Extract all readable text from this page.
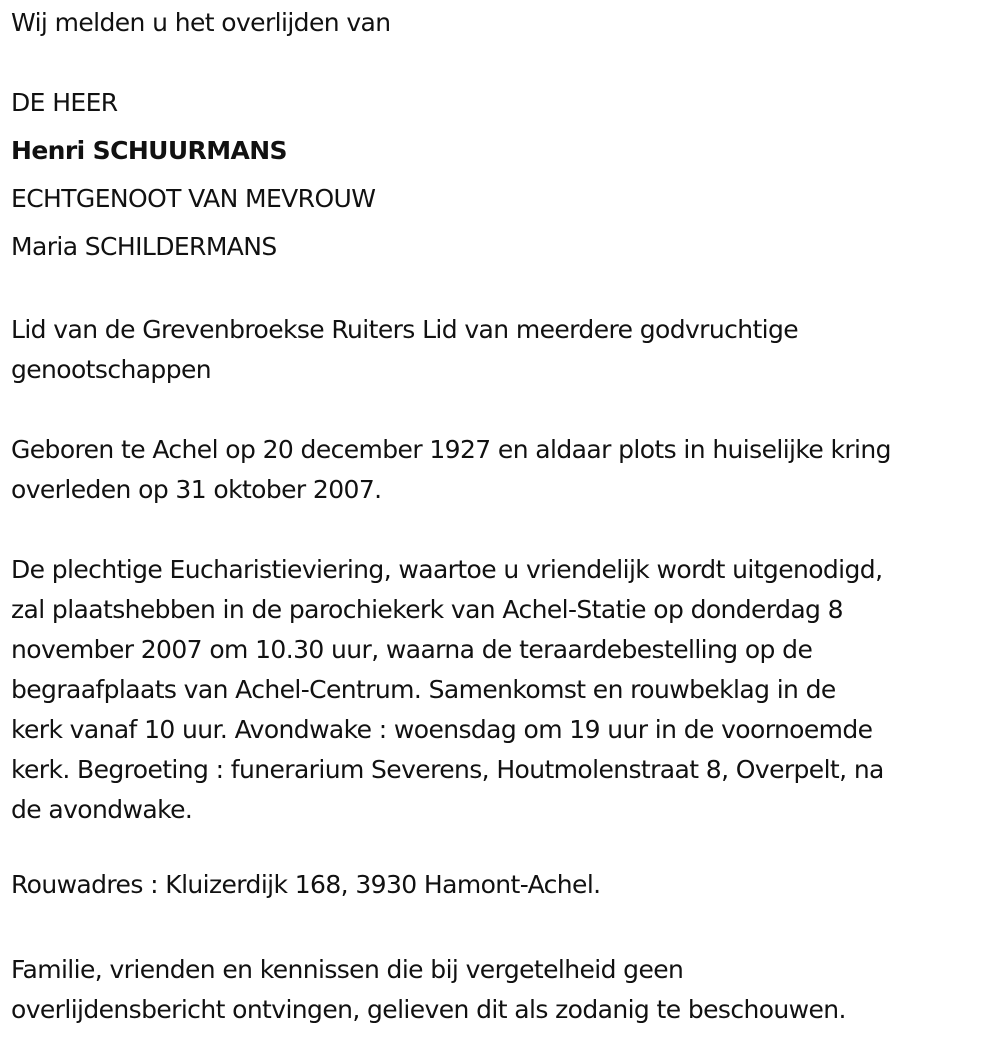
Wij melden u het overlijden van

DE HEER

Henri SCHUURMANS

ECHTGENOOT VAN MEVROUW

Maria SCHILDERMANS

Lid van de Grevenbroekse Ruiters Lid van meerdere godvruchtige

genootschappen

Geboren te Achel op 20 december 1927 en aldaar plots in huiselijke kring

overleden op 31 oktober 2007.

De plechtige Eucharistieviering, waartoe u vriendelijk wordt uitgenodigd,

zal plaatshebben in de parochiekerk van Achel-Statie op donderdag 8

november 2007 om 10.30 uur, waarna de teraardebestelling op de

begraafplaats van Achel-Centrum. Samenkomst en rouwbeklag in de

kerk vanaf 10 uur. Avondwake : woensdag om 19 uur in de voornoemde

kerk. Begroeting : funerarium Severens, Houtmolenstraat 8, Overpelt, na

de avondwake.

Rouwadres : Kluizerdijk 168, 3930 Hamont-Achel.

Familie, vrienden en kennissen die bij vergetelheid geen

overlijdensbericht ontvingen, gelieven dit als zodanig te beschouwen.
